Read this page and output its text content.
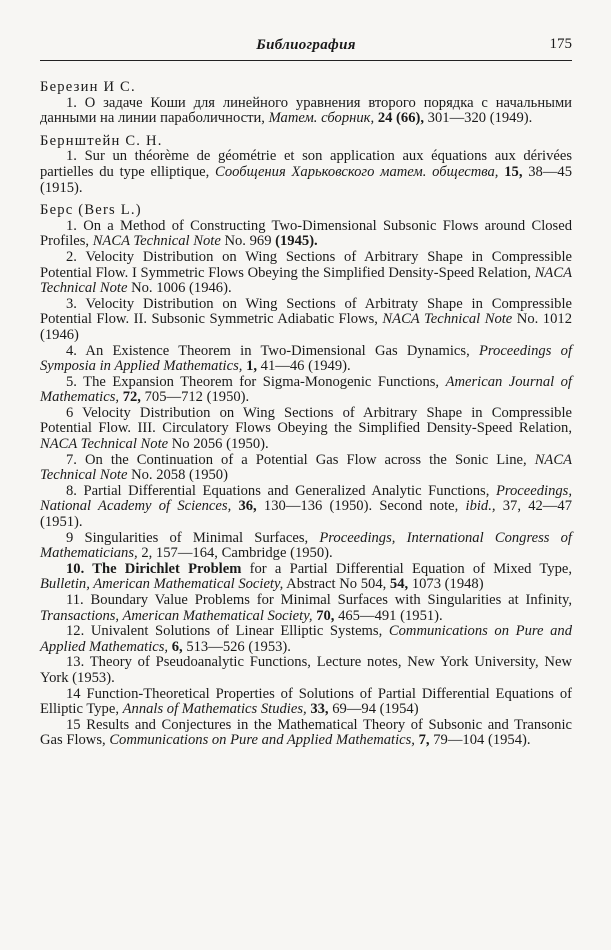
Библиография	175
Березин И С.
1. О задаче Коши для линейного уравнения второго порядка с начальными данными на линии параболичности, Матем. сборник, 24 (66), 301—320 (1949).
Бернштейн С. Н.
1. Sur un théorème de géométrie et son application aux équations aux dérivées partielles du type elliptique, Сообщения Харьковского матем. общества, 15, 38—45 (1915).
Берс (Bers L.)
1. On a Method of Constructing Two-Dimensional Subsonic Flows around Closed Profiles, NACA Technical Note No. 969 (1945).
2. Velocity Distribution on Wing Sections of Arbitrary Shape in Compressible Potential Flow. I Symmetric Flows Obeying the Simplified Density-Speed Relation, NACA Technical Note No. 1006 (1946).
3. Velocity Distribution on Wing Sections of Arbitraty Shape in Compressible Potential Flow. II. Subsonic Symmetric Adiabatic Flows, NACA Technical Note No. 1012 (1946)
4. An Existence Theorem in Two-Dimensional Gas Dynamics, Proceedings of Symposia in Applied Mathematics, 1, 41—46 (1949).
5. The Expansion Theorem for Sigma-Monogenic Functions, American Journal of Mathematics, 72, 705—712 (1950).
6 Velocity Distribution on Wing Sections of Arbitrary Shape in Compressible Potential Flow. III. Circulatory Flows Obeying the Simplified Density-Speed Relation, NACA Technical Note No 2056 (1950).
7. On the Continuation of a Potential Gas Flow across the Sonic Line, NACA Technical Note No. 2058 (1950)
8. Partial Differential Equations and Generalized Analytic Functions, Proceedings, National Academy of Sciences, 36, 130—136 (1950). Second note, ibid., 37, 42—47 (1951).
9 Singularities of Minimal Surfaces, Proceedings, International Congress of Mathematicians, 2, 157—164, Cambridge (1950).
10. The Dirichlet Problem for a Partial Differential Equation of Mixed Type, Bulletin, American Mathematical Society, Abstract No 504, 54, 1073 (1948)
11. Boundary Value Problems for Minimal Surfaces with Singularities at Infinity, Transactions, American Mathematical Society, 70, 465—491 (1951).
12. Univalent Solutions of Linear Elliptic Systems, Communications on Pure and Applied Mathematics, 6, 513—526 (1953).
13. Theory of Pseudoanalytic Functions, Lecture notes, New York University, New York (1953).
14 Function-Theoretical Properties of Solutions of Partial Differential Equations of Elliptic Type, Annals of Mathematics Studies, 33, 69—94 (1954)
15 Results and Conjectures in the Mathematical Theory of Subsonic and Transonic Gas Flows, Communications on Pure and Applied Mathematics, 7, 79—104 (1954).
